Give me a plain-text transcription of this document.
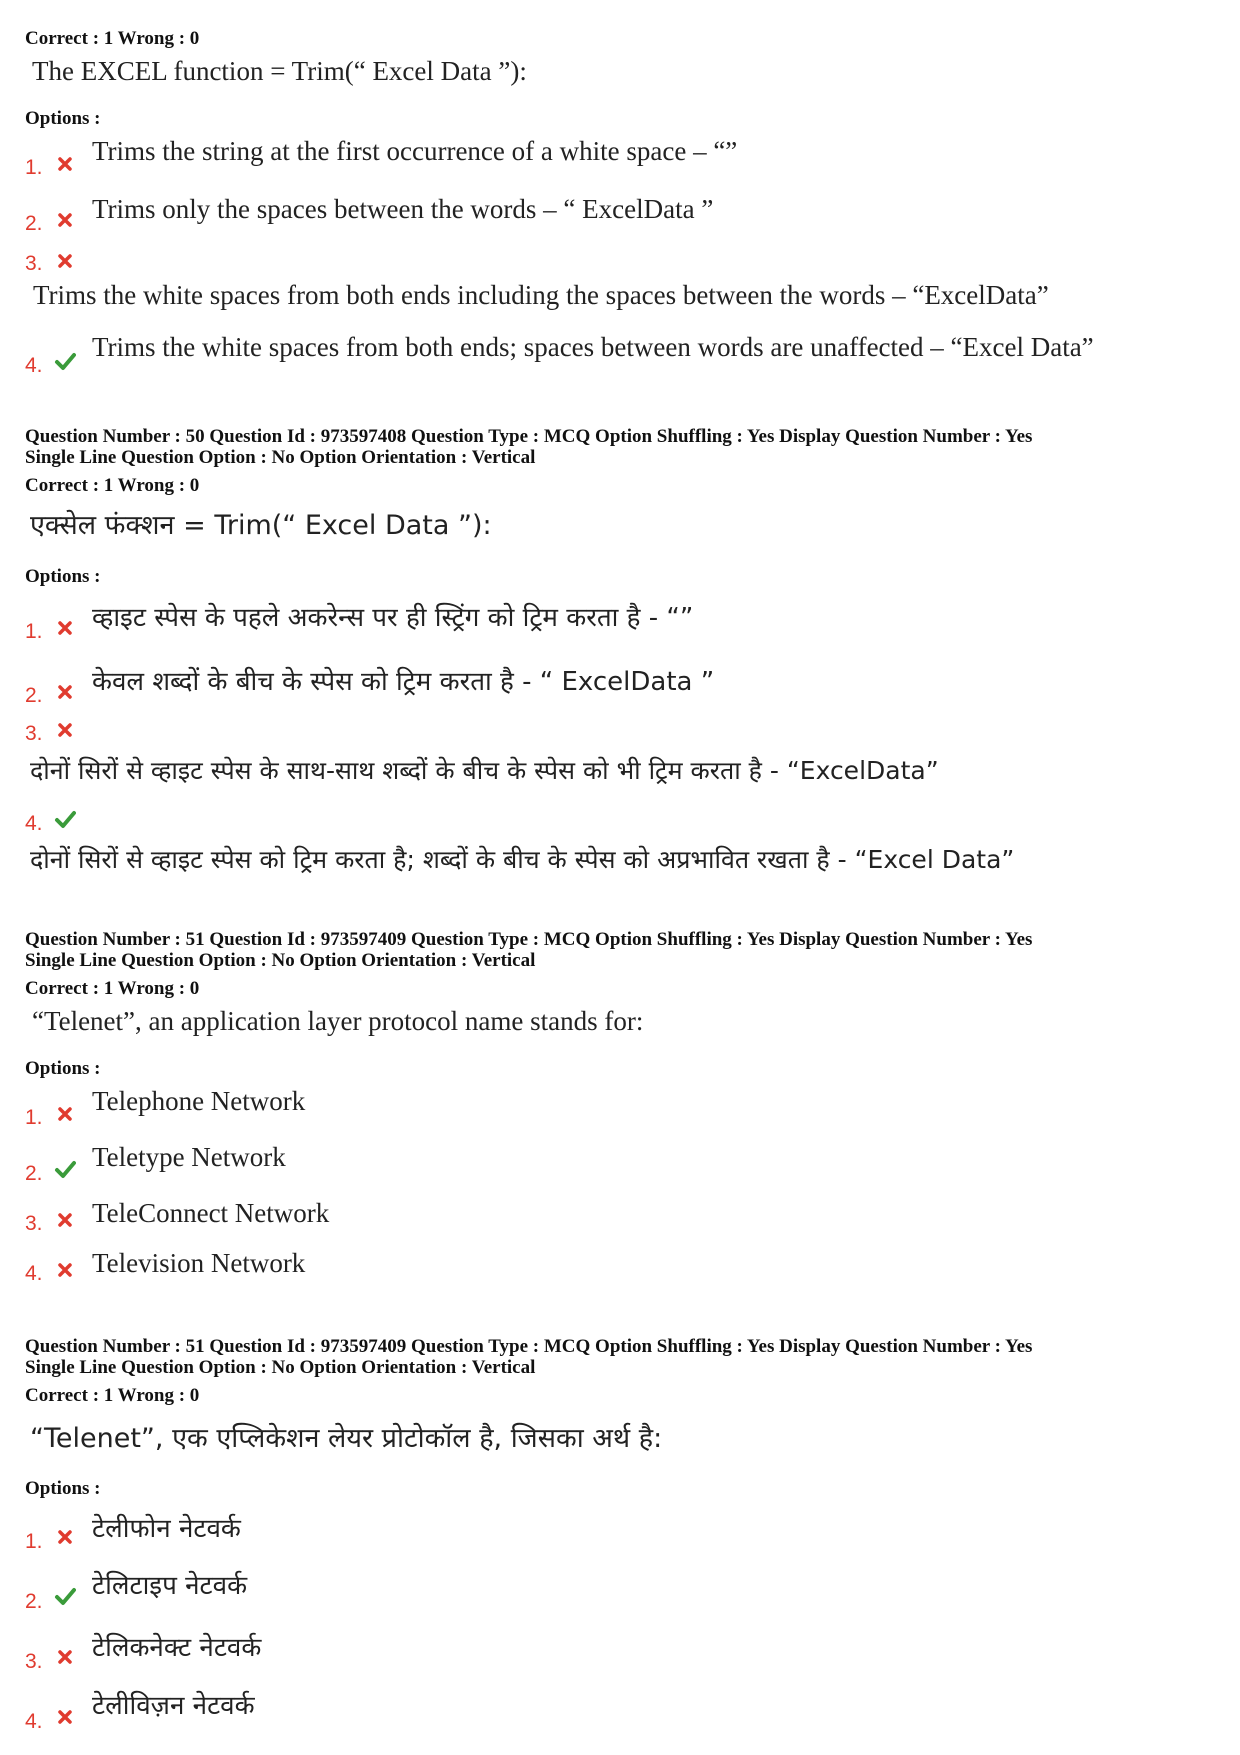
Correct : 1 Wrong : 0
The EXCEL function = Trim(“ Excel Data ”):
Options :
1.
Trims the string at the first occurrence of a white space – “”
2. Trims only the spaces between the words – “ ExcelData ”
3.
Trims the white spaces from both ends including the spaces between the words – “ExcelData”
4.
Trims the white spaces from both ends; spaces between words are unaffected – “Excel Data”
Question Number : 50 Question Id : 973597408 Question Type : MCQ Option Shuffling : Yes Display Question Number : Yes
Single Line Question Option : No Option Orientation : Vertical
Correct : 1 Wrong : 0
एक्सेल फंक्शन = Trim(“ Excel Data ”):
Options :
1. व्हाइट स्पेस के पहले अकरेन्स पर ही स्ट्रिंग को ट्रिम करता है - “”
2. केवल शब्दों के बीच के स्पेस को ट्रिम करता है - “ ExcelData ”
3.
दोनों सिरों से व्हाइट स्पेस के साथ-साथ शब्दों के बीच के स्पेस को भी ट्रिम करता है - “ExcelData”
4.
दोनों सिरों से व्हाइट स्पेस को ट्रिम करता है; शब्दों के बीच के स्पेस को अप्रभावित रखता है - “Excel Data”
Question Number : 51 Question Id : 973597409 Question Type : MCQ Option Shuffling : Yes Display Question Number : Yes
Single Line Question Option : No Option Orientation : Vertical
Correct : 1 Wrong : 0
“Telenet”, an application layer protocol name stands for:
Options :
1.
Telephone Network
2.
Teletype Network
3. TeleConnect Network
4. Television Network
Question Number : 51 Question Id : 973597409 Question Type : MCQ Option Shuffling : Yes Display Question Number : Yes
Single Line Question Option : No Option Orientation : Vertical
Correct : 1 Wrong : 0
“Telenet”, एक एप्लिकेशन लेयर प्रोटोकॉल है, जिसका अर्थ है:
Options :
1. टेलीफोन नेटवर्क
2.
टेलिटाइप नेटवर्क
3. टेलिकनेक्ट नेटवर्क
4.
टेलीविज़न नेटवर्क
